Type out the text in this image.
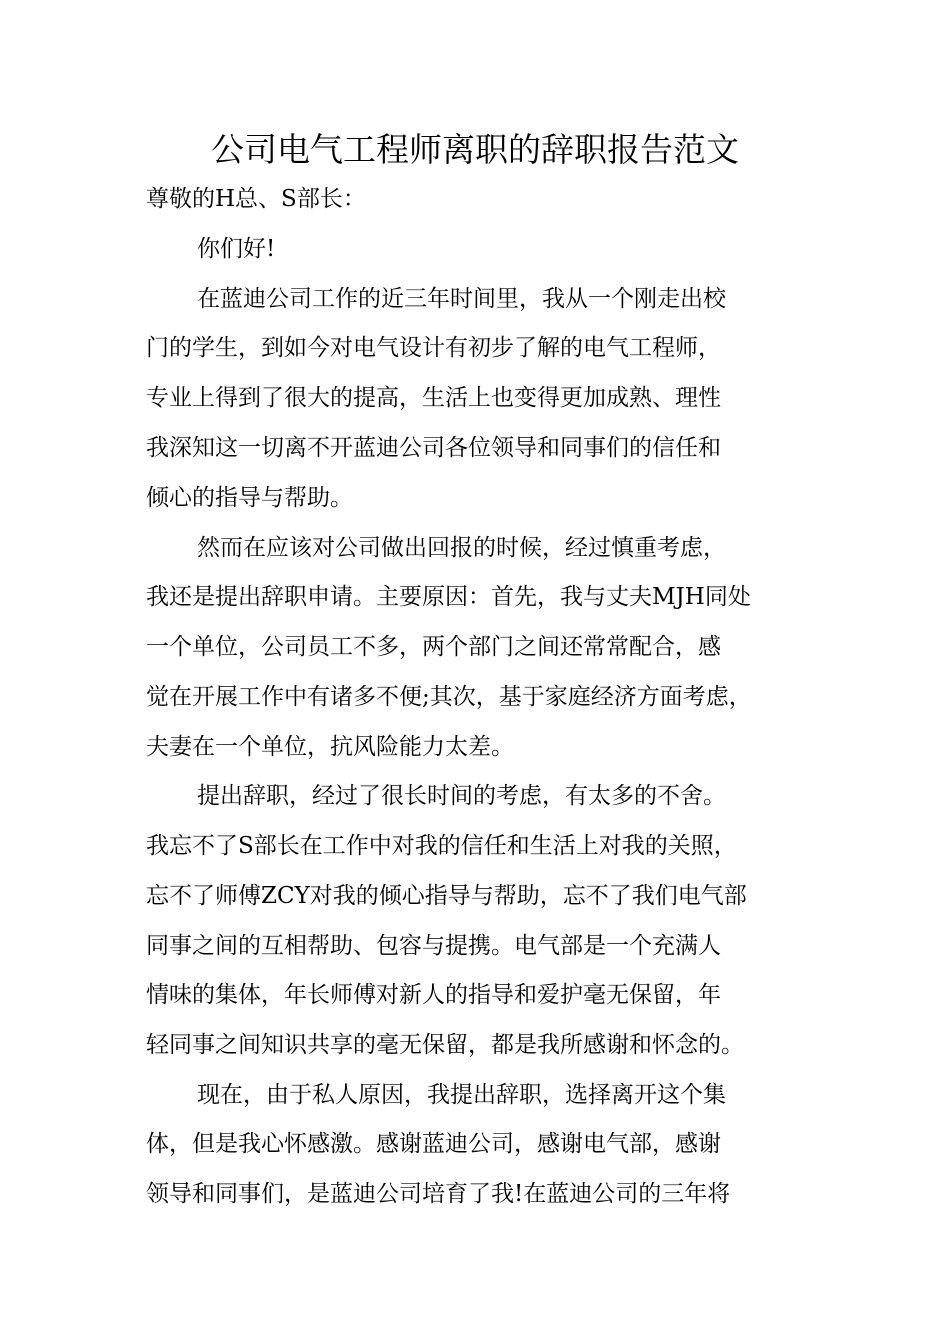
公司电气工程师离职的辞职报告范文

尊敬的H总、S部长：

你们好!

在蓝迪公司工作的近三年时间里，我从一个刚走出校

门的学生，到如今对电气设计有初步了解的电气工程师，

专业上得到了很大的提高，生活上也变得更加成熟、理性

我深知这一切离不开蓝迪公司各位领导和同事们的信任和

倾心的指导与帮助。

然而在应该对公司做出回报的时候，经过慎重考虑，

我还是提出辞职申请。主要原因：首先，我与丈夫MJH同处

一个单位，公司员工不多，两个部门之间还常常配合，感

觉在开展工作中有诸多不便;其次，基于家庭经济方面考虑，

夫妻在一个单位，抗风险能力太差。

提出辞职，经过了很长时间的考虑，有太多的不舍。

我忘不了S部长在工作中对我的信任和生活上对我的关照，

忘不了师傅ZCY对我的倾心指导与帮助，忘不了我们电气部

同事之间的互相帮助、包容与提携。电气部是一个充满人

情味的集体，年长师傅对新人的指导和爱护毫无保留，年

轻同事之间知识共享的毫无保留，都是我所感谢和怀念的。

现在，由于私人原因，我提出辞职，选择离开这个集

体，但是我心怀感激。感谢蓝迪公司，感谢电气部，感谢

领导和同事们，是蓝迪公司培育了我!在蓝迪公司的三年将
